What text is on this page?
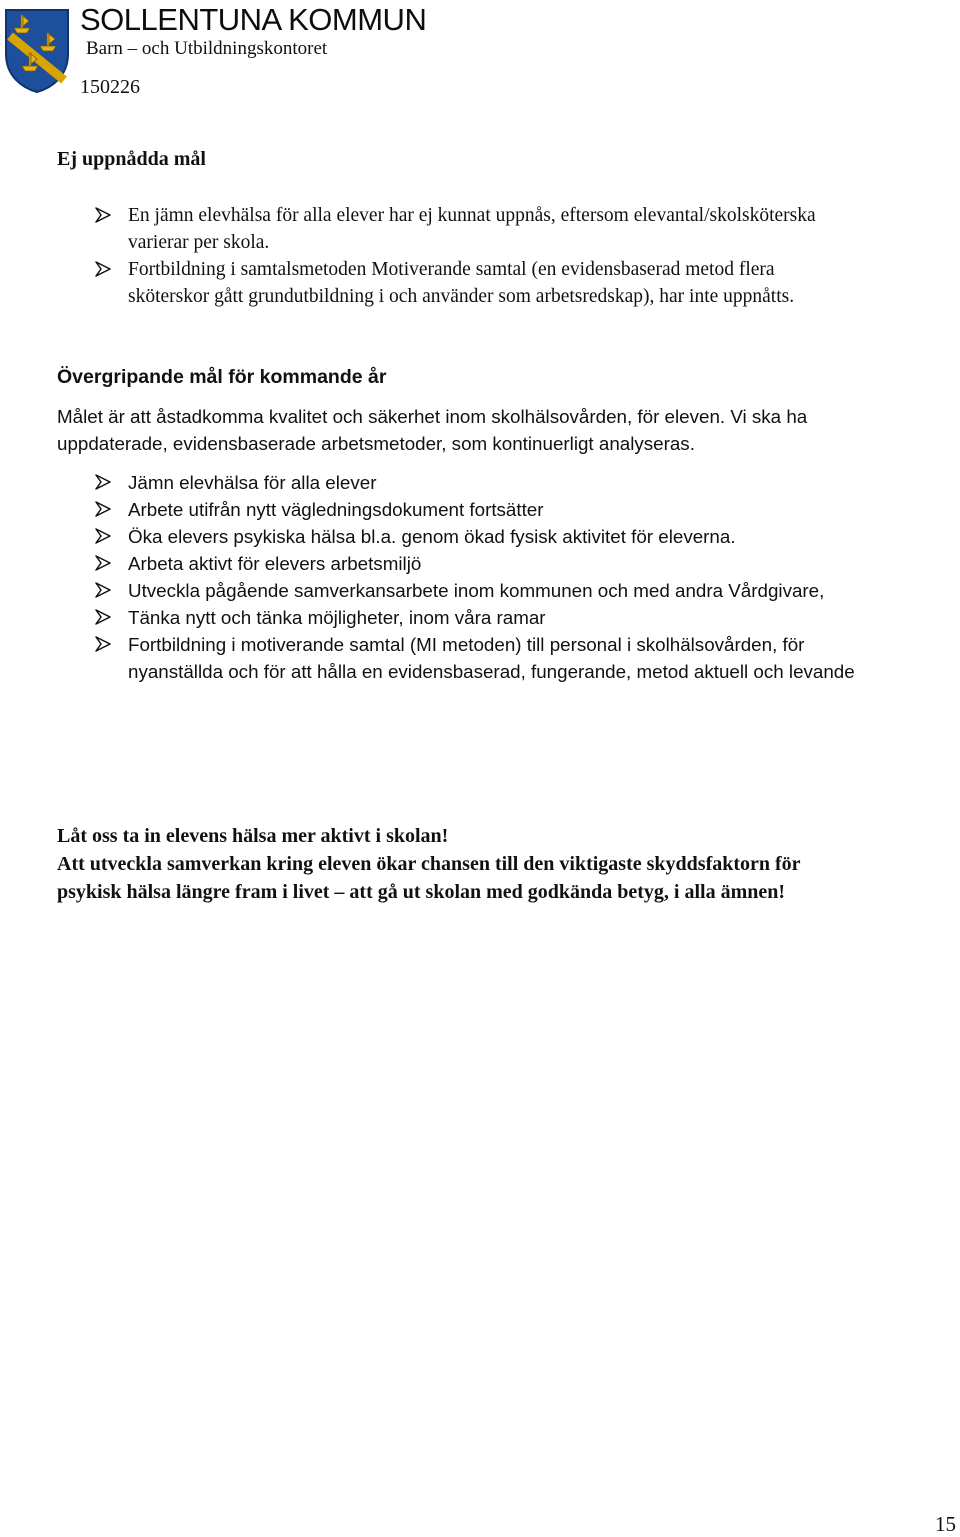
SOLLENTUNA KOMMUN
Barn – och Utbildningskontoret
150226
Ej uppnådda mål
En jämn elevhälsa för alla elever har ej kunnat uppnås, eftersom elevantal/skolsköterska
varierar per skola.
Fortbildning i samtalsmetoden Motiverande samtal (en evidensbaserad metod flera
sköterskor gått grundutbildning i och använder som arbetsredskap), har inte uppnåtts.
Övergripande mål för kommande år
Målet är att åstadkomma kvalitet och säkerhet inom skolhälsovården, för eleven. Vi ska ha
uppdaterade, evidensbaserade arbetsmetoder, som kontinuerligt analyseras.
Jämn elevhälsa för alla elever
Arbete utifrån nytt vägledningsdokument fortsätter
Öka elevers psykiska hälsa bl.a. genom ökad fysisk aktivitet för eleverna.
Arbeta aktivt för elevers arbetsmiljö
Utveckla pågående samverkansarbete inom kommunen och med andra Vårdgivare,
Tänka nytt och tänka möjligheter, inom våra ramar
Fortbildning i motiverande samtal (MI metoden) till personal i skolhälsovården, för
nyanställda och för att hålla en evidensbaserad, fungerande, metod aktuell och levande
Låt oss ta in elevens hälsa mer aktivt i skolan!
Att utveckla samverkan kring eleven ökar chansen till den viktigaste skyddsfaktorn för
psykisk hälsa längre fram i livet – att gå ut skolan med godkända betyg, i alla ämnen!
15
